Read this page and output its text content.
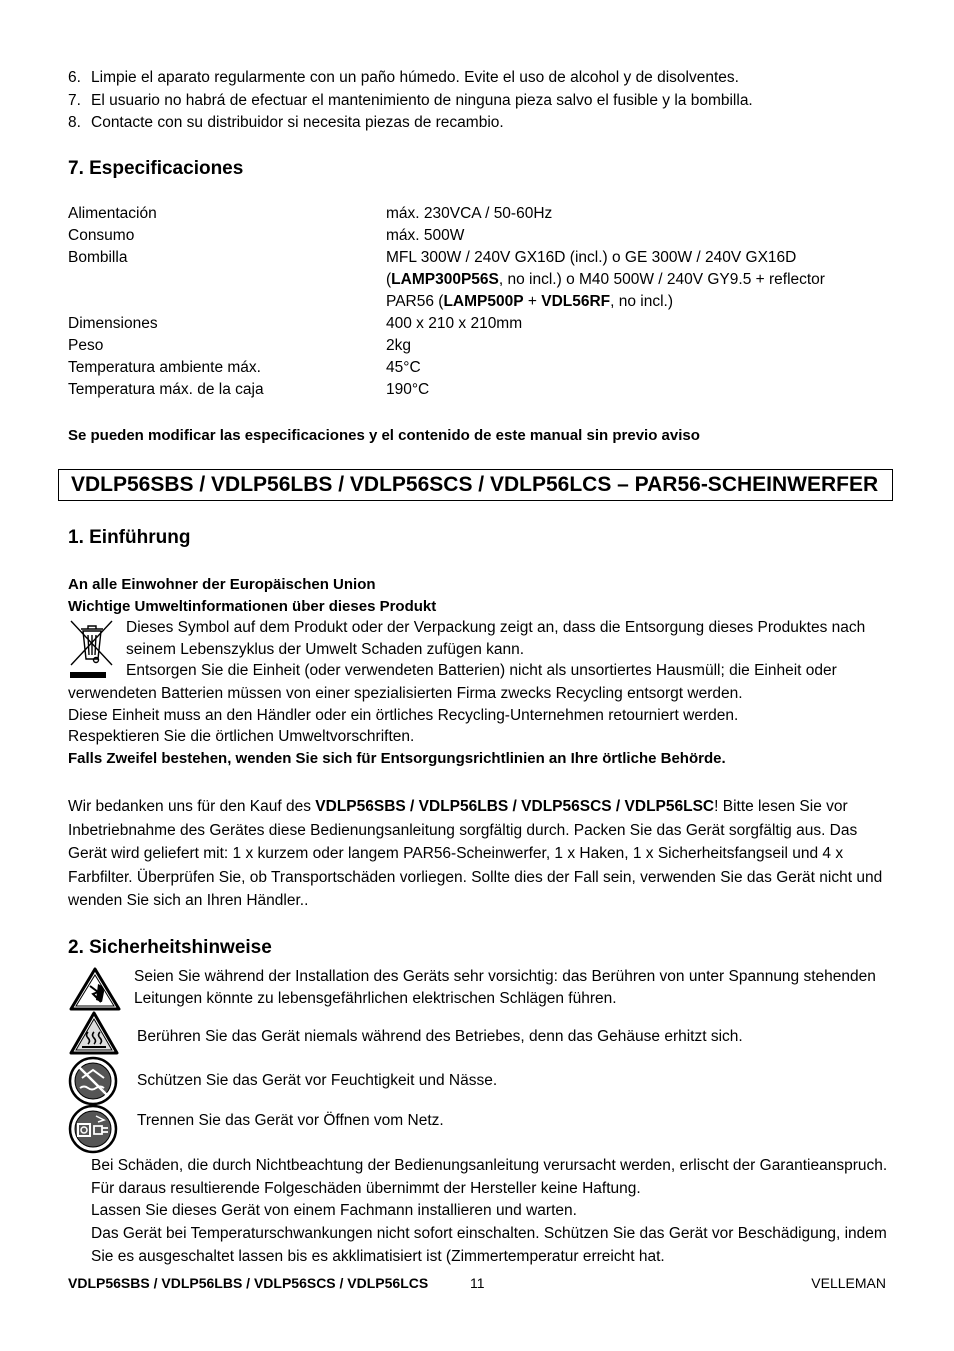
6. Limpie el aparato regularmente con un paño húmedo. Evite el uso de alcohol y de disolventes.
7. El usuario no habrá de efectuar el mantenimiento de ninguna pieza salvo el fusible y la bombilla.
8. Contacte con su distribuidor si necesita piezas de recambio.
7. Especificaciones
Alimentación	máx. 230VCA / 50-60Hz
Consumo	máx. 500W
Bombilla	MFL 300W / 240V GX16D (incl.) o GE 300W / 240V GX16D
(LAMP300P56S, no incl.) o M40 500W / 240V GY9.5 + reflector
PAR56 (LAMP500P + VDL56RF, no incl.)
Dimensiones	400 x 210 x 210mm
Peso	2kg
Temperatura ambiente máx.	45°C
Temperatura máx. de la caja	190°C
Se pueden modificar las especificaciones y el contenido de este manual sin previo aviso
VDLP56SBS / VDLP56LBS / VDLP56SCS / VDLP56LCS – PAR56-SCHEINWERFER
1. Einführung
An alle Einwohner der Europäischen Union
Wichtige Umweltinformationen über dieses Produkt
Dieses Symbol auf dem Produkt oder der Verpackung zeigt an, dass die Entsorgung dieses Produktes nach seinem Lebenszyklus der Umwelt Schaden zufügen kann.
Entsorgen Sie die Einheit (oder verwendeten Batterien) nicht als unsortiertes Hausmüll; die Einheit oder
verwendeten Batterien müssen von einer spezialisierten Firma zwecks Recycling entsorgt werden.
Diese Einheit muss an den Händler oder ein örtliches Recycling-Unternehmen retourniert werden.
Respektieren Sie die örtlichen Umweltvorschriften.
Falls Zweifel bestehen, wenden Sie sich für Entsorgungsrichtlinien an Ihre örtliche Behörde.
Wir bedanken uns für den Kauf des VDLP56SBS / VDLP56LBS / VDLP56SCS / VDLP56LSC! Bitte lesen Sie vor Inbetriebnahme des Gerätes diese Bedienungsanleitung sorgfältig durch. Packen Sie das Gerät sorgfältig aus. Das Gerät wird geliefert mit: 1 x kurzem oder langem PAR56-Scheinwerfer, 1 x Haken, 1 x Sicherheitsfangseil und 4 x Farbfilter. Überprüfen Sie, ob Transportschäden vorliegen. Sollte dies der Fall sein, verwenden Sie das Gerät nicht und wenden Sie sich an Ihren Händler..
2. Sicherheitshinweise
Seien Sie während der Installation des Geräts sehr vorsichtig: das Berühren von unter Spannung stehenden Leitungen könnte zu lebensgefährlichen elektrischen Schlägen führen.
Berühren Sie das Gerät niemals während des Betriebes, denn das Gehäuse erhitzt sich.
Schützen Sie das Gerät vor Feuchtigkeit und Nässe.
Trennen Sie das Gerät vor Öffnen vom Netz.

Bei Schäden, die durch Nichtbeachtung der Bedienungsanleitung verursacht werden, erlischt der Garantieanspruch. Für daraus resultierende Folgeschäden übernimmt der Hersteller keine Haftung.

Lassen Sie dieses Gerät von einem Fachmann installieren und warten.

Das Gerät bei Temperaturschwankungen nicht sofort einschalten. Schützen Sie das Gerät vor Beschädigung, indem Sie es ausgeschaltet lassen bis es akklimatisiert ist (Zimmertemperatur erreicht hat.

VDLP56SBS / VDLP56LBS / VDLP56SCS / VDLP56LCS	11	VELLEMAN
